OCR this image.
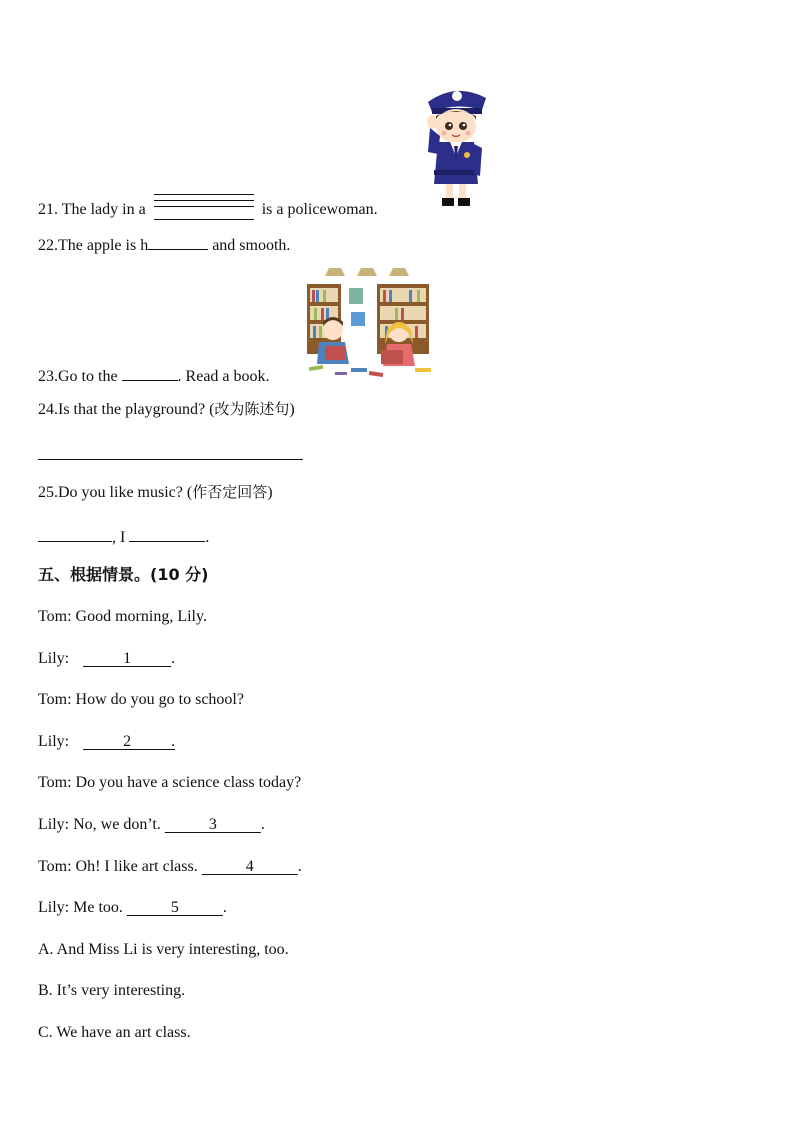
21. The lady in a	is a policewoman.
22.The apple is h	and smooth.
23.Go to the	. Read a book.
24.Is that the playground? (改为陈述句)
25.Do you like music? (作否定回答)
, I	.
五、根据情景。(10 分)
Tom: Good morning, Lily.
Lily:	1	.
Tom: How do you go to school?
Lily:	2	.
Tom: Do you have a science class today?
Lily: No, we don’t.	3	.
Tom: Oh! I like art class.	4	.
Lily: Me too.	5	.
A. And Miss Li is very interesting, too.
B. It’s very interesting.
C. We have an art class.
